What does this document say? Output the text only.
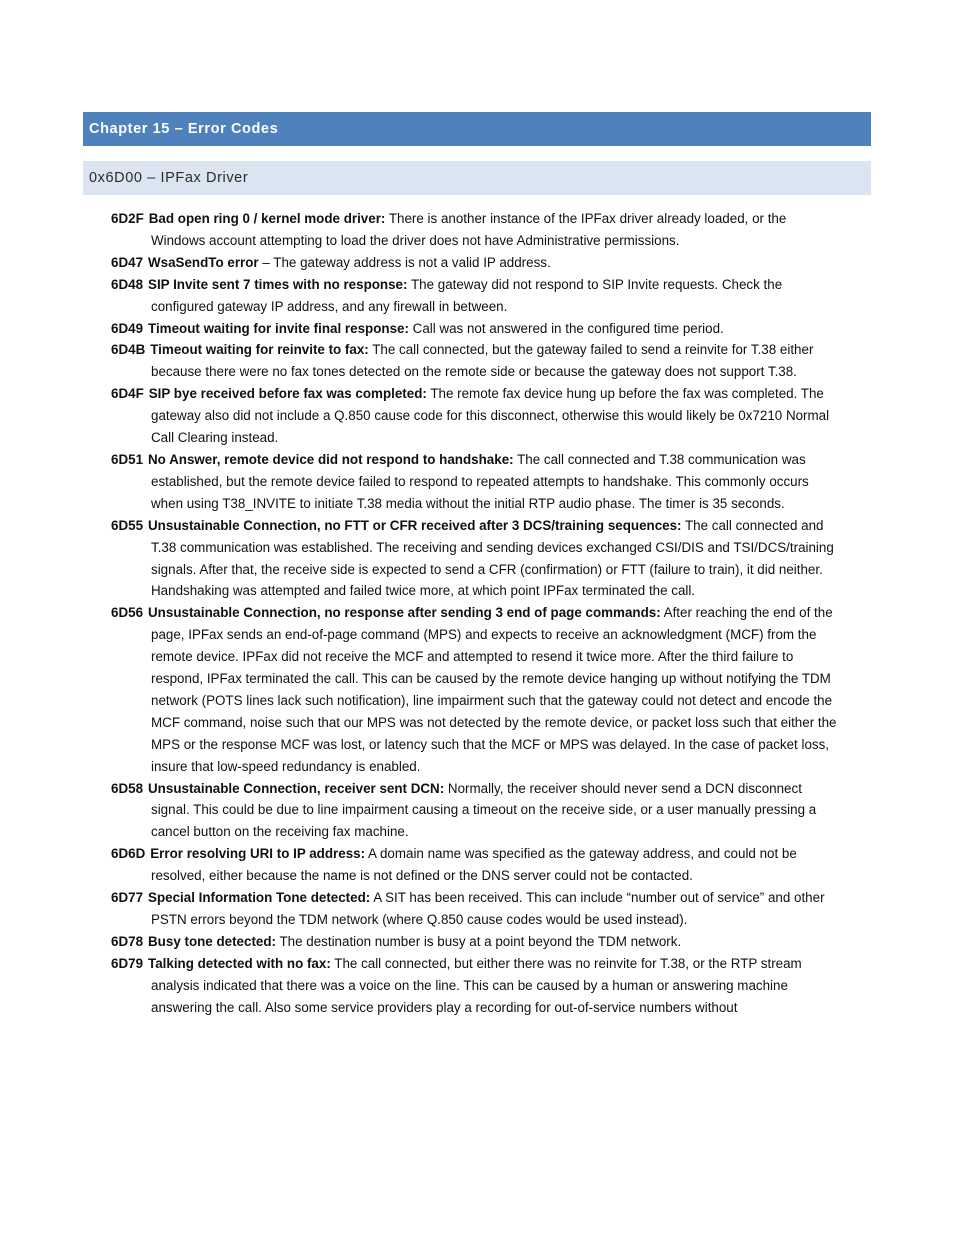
Chapter 15 – Error Codes
0x6D00 – IPFax Driver
6D2F Bad open ring 0 / kernel mode driver: There is another instance of the IPFax driver already loaded, or the Windows account attempting to load the driver does not have Administrative permissions.
6D47 WsaSendTo error – The gateway address is not a valid IP address.
6D48 SIP Invite sent 7 times with no response: The gateway did not respond to SIP Invite requests. Check the configured gateway IP address, and any firewall in between.
6D49 Timeout waiting for invite final response: Call was not answered in the configured time period.
6D4B Timeout waiting for reinvite to fax: The call connected, but the gateway failed to send a reinvite for T.38 either because there were no fax tones detected on the remote side or because the gateway does not support T.38.
6D4F SIP bye received before fax was completed: The remote fax device hung up before the fax was completed. The gateway also did not include a Q.850 cause code for this disconnect, otherwise this would likely be 0x7210 Normal Call Clearing instead.
6D51 No Answer, remote device did not respond to handshake: The call connected and T.38 communication was established, but the remote device failed to respond to repeated attempts to handshake. This commonly occurs when using T38_INVITE to initiate T.38 media without the initial RTP audio phase. The timer is 35 seconds.
6D55 Unsustainable Connection, no FTT or CFR received after 3 DCS/training sequences: The call connected and T.38 communication was established. The receiving and sending devices exchanged CSI/DIS and TSI/DCS/training signals. After that, the receive side is expected to send a CFR (confirmation) or FTT (failure to train), it did neither. Handshaking was attempted and failed twice more, at which point IPFax terminated the call.
6D56 Unsustainable Connection, no response after sending 3 end of page commands: After reaching the end of the page, IPFax sends an end-of-page command (MPS) and expects to receive an acknowledgment (MCF) from the remote device. IPFax did not receive the MCF and attempted to resend it twice more. After the third failure to respond, IPFax terminated the call. This can be caused by the remote device hanging up without notifying the TDM network (POTS lines lack such notification), line impairment such that the gateway could not detect and encode the MCF command, noise such that our MPS was not detected by the remote device, or packet loss such that either the MPS or the response MCF was lost, or latency such that the MCF or MPS was delayed. In the case of packet loss, insure that low-speed redundancy is enabled.
6D58 Unsustainable Connection, receiver sent DCN: Normally, the receiver should never send a DCN disconnect signal. This could be due to line impairment causing a timeout on the receive side, or a user manually pressing a cancel button on the receiving fax machine.
6D6D Error resolving URI to IP address: A domain name was specified as the gateway address, and could not be resolved, either because the name is not defined or the DNS server could not be contacted.
6D77 Special Information Tone detected: A SIT has been received. This can include “number out of service” and other PSTN errors beyond the TDM network (where Q.850 cause codes would be used instead).
6D78 Busy tone detected: The destination number is busy at a point beyond the TDM network.
6D79 Talking detected with no fax: The call connected, but either there was no reinvite for T.38, or the RTP stream analysis indicated that there was a voice on the line. This can be caused by a human or answering machine answering the call. Also some service providers play a recording for out-of-service numbers without
